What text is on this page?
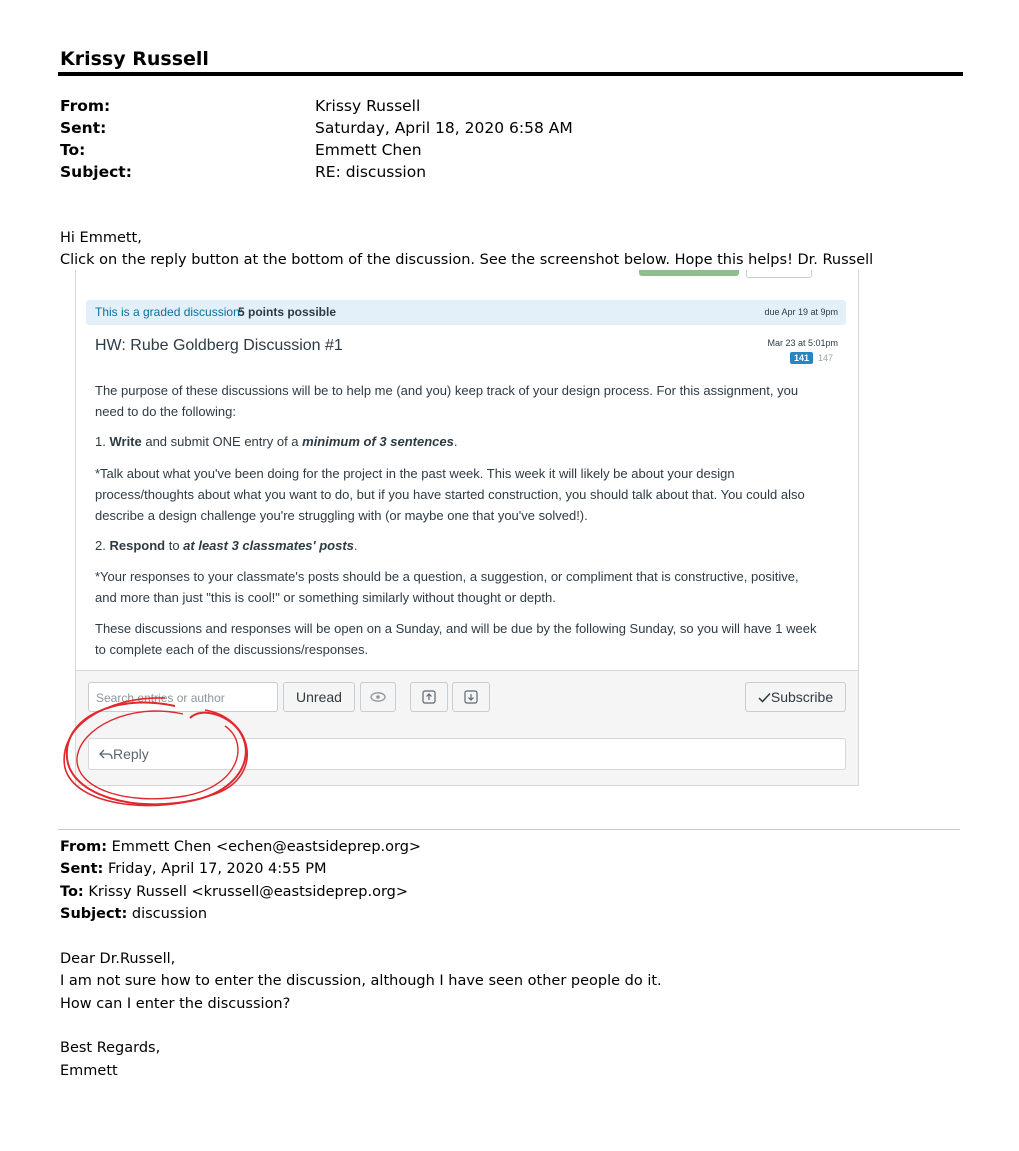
Krissy Russell
From:	Krissy Russell
Sent:	Saturday, April 18, 2020 6:58 AM
To:	Emmett Chen
Subject:	RE: discussion
Hi Emmett,
Click on the reply button at the bottom of the discussion. See the screenshot below. Hope this helps! Dr. Russell
This is a graded discussion:
5 points possible	due Apr 19 at 9pm
HW: Rube Goldberg Discussion #1	Mar 23 at 5:01pm
141 147
The purpose of these discussions will be to help me (and you) keep track of your design process. For this assignment, you
need to do the following:
1. Write and submit ONE entry of a minimum of 3 sentences.
*Talk about what you've been doing for the project in the past week. This week it will likely be about your design
process/thoughts about what you want to do, but if you have started construction, you should talk about that. You could also
describe a design challenge you're struggling with (or maybe one that you've solved!).
2. Respond to at least 3 classmates' posts.
*Your responses to your classmate's posts should be a question, a suggestion, or compliment that is constructive, positive,
and more than just "this is cool!" or something similarly without thought or depth.
These discussions and responses will be open on a Sunday, and will be due by the following Sunday, so you will have 1 week
to complete each of the discussions/responses.
Search entries or author	Unread	Subscribe
Reply
From: Emmett Chen <echen@eastsideprep.org>
Sent: Friday, April 17, 2020 4:55 PM
To: Krissy Russell <krussell@eastsideprep.org>
Subject: discussion
Dear Dr.Russell,
I am not sure how to enter the discussion, although I have seen other people do it.
How can I enter the discussion?
Best Regards,
Emmett
